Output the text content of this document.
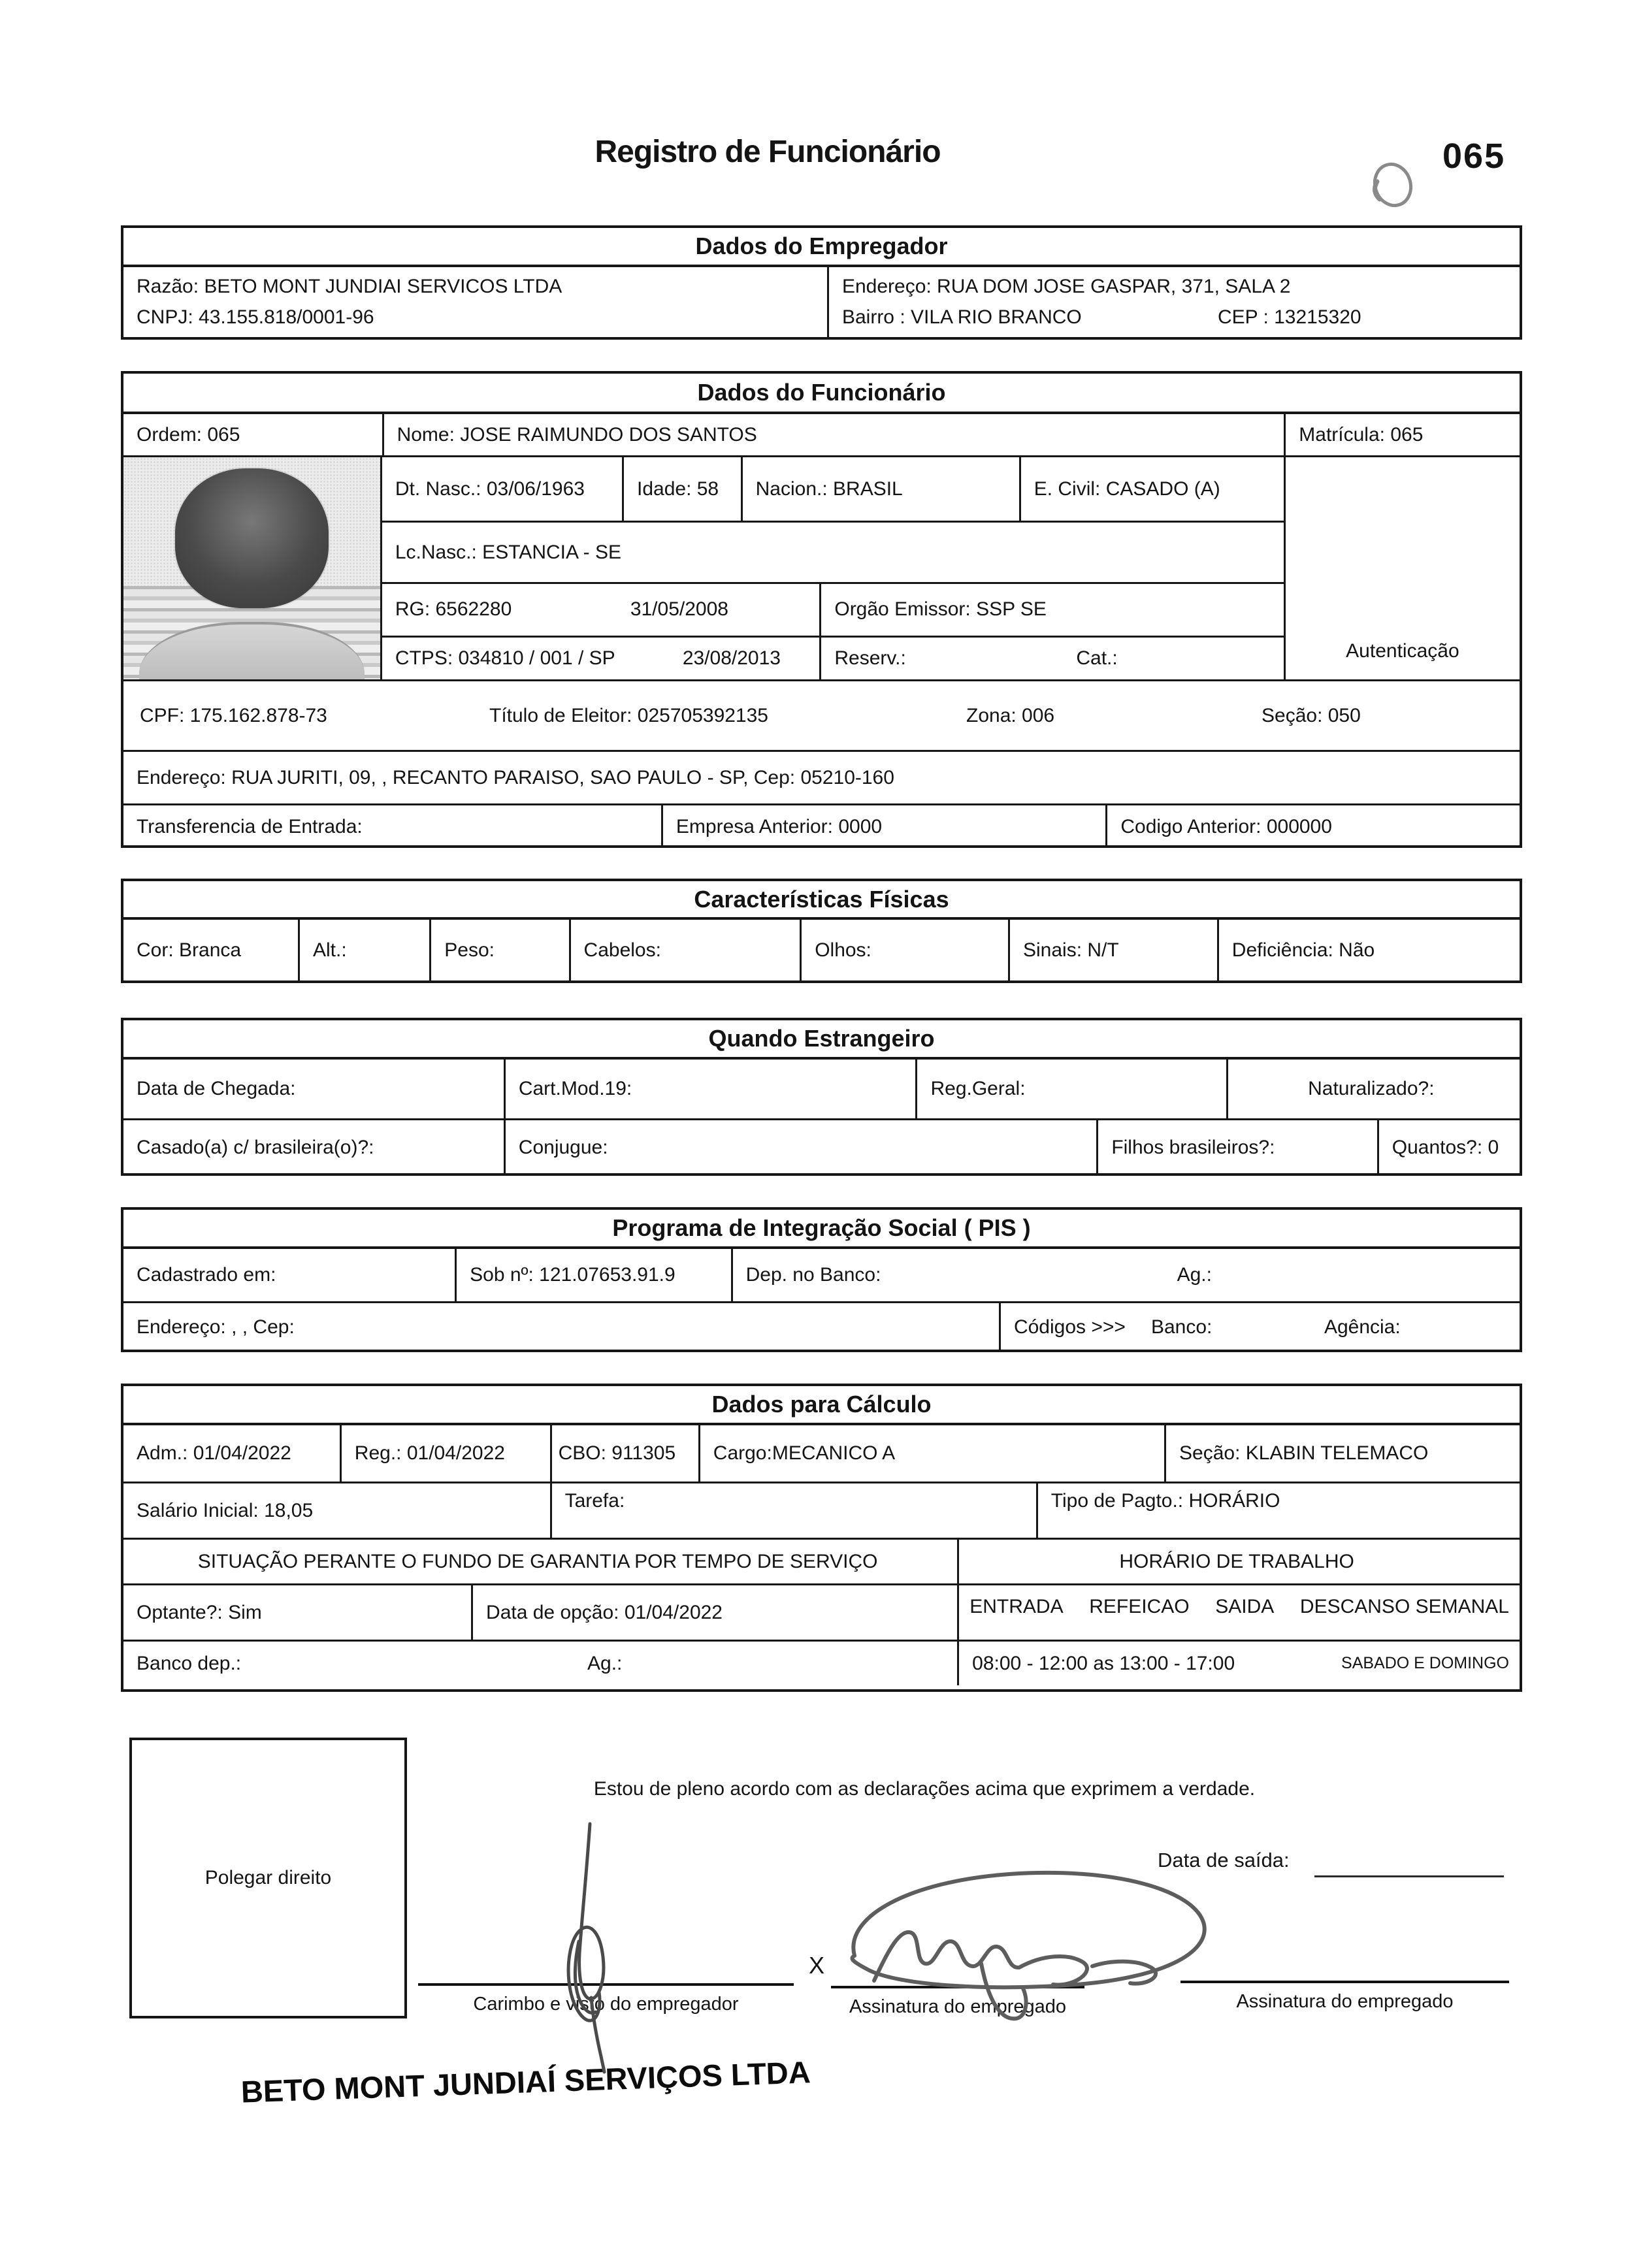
Registro de Funcionário	065
Dados do Empregador
Razão: BETO MONT JUNDIAI SERVICOS LTDA
CNPJ: 43.155.818/0001-96
Endereço: RUA DOM JOSE GASPAR, 371, SALA 2
Bairro : VILA RIO BRANCO	CEP : 13215320
Dados do Funcionário
Ordem: 065	Nome: JOSE RAIMUNDO DOS SANTOS	Matrícula: 065
Dt. Nasc.: 03/06/1963	Idade: 58	Nacion.: BRASIL	E. Civil: CASADO (A)
Lc.Nasc.: ESTANCIA - SE
RG: 6562280	31/05/2008	Orgão Emissor: SSP SE
CTPS: 034810 / 001 / SP	23/08/2013	Reserv.:	Cat.:	Autenticação
CPF: 175.162.878-73	Título de Eleitor: 025705392135	Zona: 006	Seção: 050
Endereço: RUA JURITI, 09, , RECANTO PARAISO, SAO PAULO - SP, Cep: 05210-160
Transferencia de Entrada:	Empresa Anterior: 0000	Codigo Anterior: 000000
Características Físicas
Cor: Branca	Alt.:	Peso:	Cabelos:	Olhos:	Sinais: N/T	Deficiência: Não
Quando Estrangeiro
Data de Chegada:	Cart.Mod.19:	Reg.Geral:	Naturalizado?:
Casado(a) c/ brasileira(o)?:	Conjugue:	Filhos brasileiros?:	Quantos?: 0
Programa de Integração Social ( PIS )
Cadastrado em:	Sob nº: 121.07653.91.9	Dep. no Banco:	Ag.:
Endereço: , , Cep:	Códigos >>> Banco:	Agência:
Dados para Cálculo
Adm.: 01/04/2022	Reg.: 01/04/2022	CBO: 911305	Cargo:MECANICO A	Seção: KLABIN TELEMACO
Salário Inicial: 18,05	Tarefa:	Tipo de Pagto.: HORÁRIO
SITUAÇÃO PERANTE O FUNDO DE GARANTIA POR TEMPO DE SERVIÇO	HORÁRIO DE TRABALHO
Optante?: Sim	Data de opção: 01/04/2022	ENTRADA REFEICAO SAIDA DESCANSO SEMANAL
Banco dep.:	Ag.:	08:00 - 12:00 as 13:00 - 17:00	SABADO E DOMINGO
Polegar direito
Estou de pleno acordo com as declarações acima que exprimem a verdade.
Data de saída:
X
Carimbo e visto do empregador	Assinatura do empregado	Assinatura do empregado
BETO MONT JUNDIAÍ SERVIÇOS LTDA
